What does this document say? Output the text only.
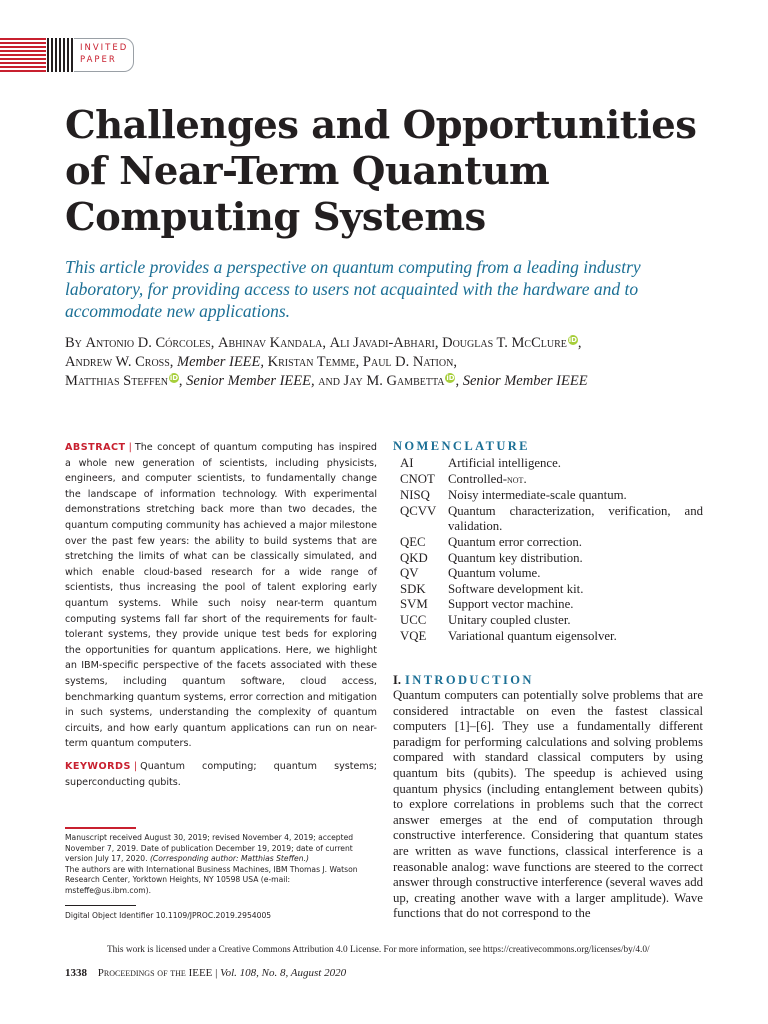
INVITED
PAPER
Challenges and Opportunities of Near-Term Quantum Computing Systems

This article provides a perspective on quantum computing from a leading industry laboratory, for providing access to users not acquainted with the hardware and to accommodate new applications.

By Antonio D. Córcoles, Abhinav Kandala, Ali Javadi-Abhari, Douglas T. McClure iD,
Andrew W. Cross, Member IEEE, Kristan Temme, Paul D. Nation,
Matthias Steffen iD, Senior Member IEEE, and Jay M. Gambetta iD, Senior Member IEEE
ABSTRACT | The concept of quantum computing has inspired a whole new generation of scientists, including physicists, engineers, and computer scientists, to fundamentally change the landscape of information technology. With experimental demonstrations stretching back more than two decades, the quantum computing community has achieved a major milestone over the past few years: the ability to build systems that are stretching the limits of what can be classically simulated, and which enable cloud-based research for a wide range of scientists, thus increasing the pool of talent exploring early quantum systems. While such noisy near-term quantum computing systems fall far short of the requirements for fault-tolerant systems, they provide unique test beds for exploring the opportunities for quantum applications. Here, we highlight an IBM-specific perspective of the facets associated with these systems, including quantum software, cloud access, benchmarking quantum systems, error correction and mitigation in such systems, understanding the complexity of quantum circuits, and how early quantum applications can run on near-term quantum computers.
KEYWORDS | Quantum computing; quantum systems; superconducting qubits.

Manuscript received August 30, 2019; revised November 4, 2019; accepted November 7, 2019. Date of publication December 19, 2019; date of current version July 17, 2020. (Corresponding author: Matthias Steffen.)

The authors are with International Business Machines, IBM Thomas J. Watson Research Center, Yorktown Heights, NY 10598 USA (e-mail: msteffe@us.ibm.com).

Digital Object Identifier 10.1109/JPROC.2019.2954005
NOMENCLATURE
AI	Artificial intelligence.
CNOT	Controlled-not.
NISQ	Noisy intermediate-scale quantum.
QCVV Quantum characterization, verification, and validation.
QEC	Quantum error correction.
QKD	Quantum key distribution.
QV	Quantum volume.
SDK	Software development kit.
SVM	Support vector machine.
UCC	Unitary coupled cluster.
VQE	Variational quantum eigensolver.
I. INTRODUCTION

Quantum computers can potentially solve problems that are considered intractable on even the fastest classical computers [1]–[6]. They use a fundamentally different paradigm for performing calculations and solving problems compared with standard classical computers by using quantum bits (qubits). The speedup is achieved using quantum physics (including entanglement between qubits) to explore correlations in problems such that the correct answer emerges at the end of computation through constructive interference. Considering that quantum states are written as wave functions, classical interference is a reasonable analog: wave functions are steered to the correct answer through constructive interference (several waves add up, creating another wave with a larger amplitude). Wave functions that do not correspond to the

This work is licensed under a Creative Commons Attribution 4.0 License. For more information, see https://creativecommons.org/licenses/by/4.0/
1338 Proceedings of the IEEE | Vol. 108, No. 8, August 2020
